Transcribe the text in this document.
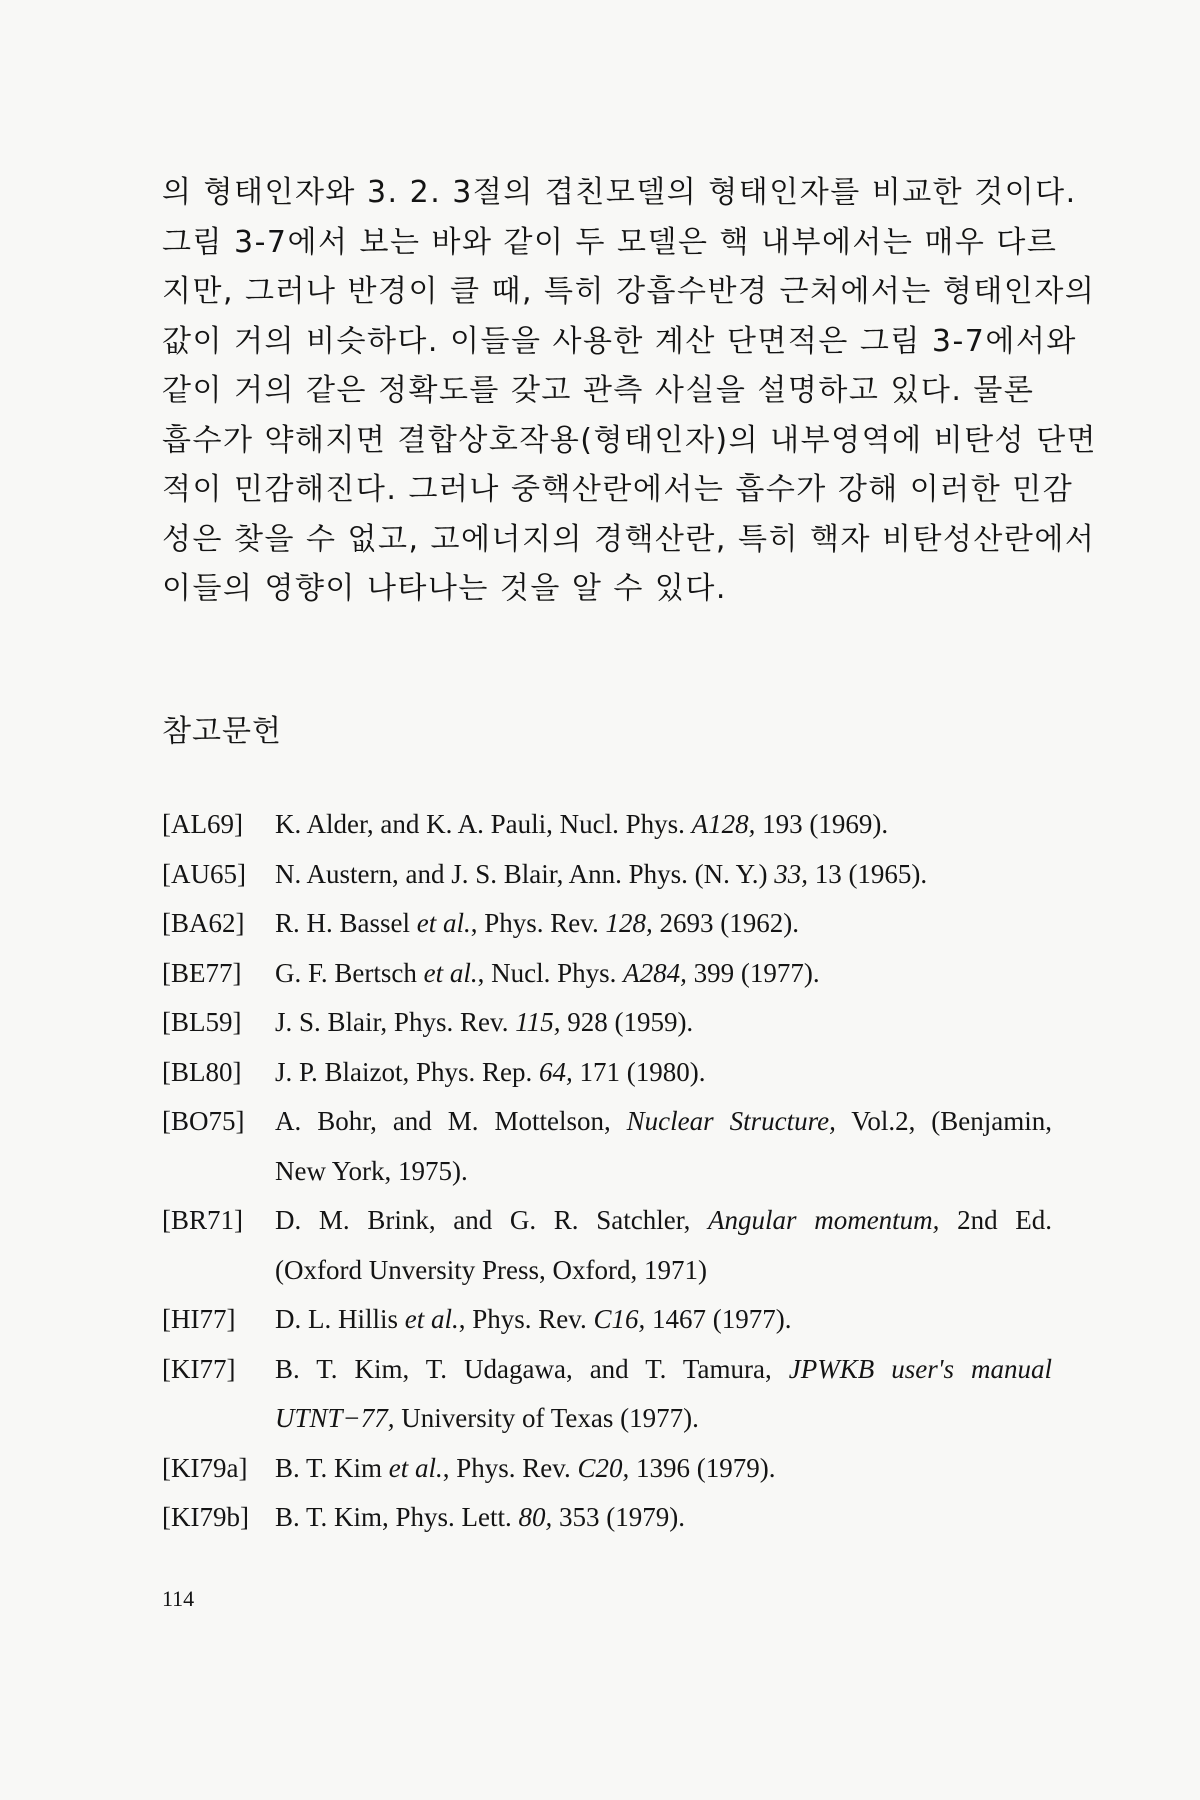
의 형태인자와 3. 2. 3절의 겹친모델의 형태인자를 비교한 것이다.
그림 3-7에서 보는 바와 같이 두 모델은 핵 내부에서는 매우 다르
지만, 그러나 반경이 클 때, 특히 강흡수반경 근처에서는 형태인자의
값이 거의 비슷하다. 이들을 사용한 계산 단면적은 그림 3-7에서와
같이 거의 같은 정확도를 갖고 관측 사실을 설명하고 있다. 물론
흡수가 약해지면 결합상호작용(형태인자)의 내부영역에 비탄성 단면
적이 민감해진다. 그러나 중핵산란에서는 흡수가 강해 이러한 민감
성은 찾을 수 없고, 고에너지의 경핵산란, 특히 핵자 비탄성산란에서
이들의 영향이 나타나는 것을 알 수 있다.
참고문헌
[AL69]	K. Alder, and K. A. Pauli, Nucl. Phys. A128, 193 (1969).
[AU65]	N. Austern, and J. S. Blair, Ann. Phys. (N. Y.) 33, 13 (1965).
[BA62]	R. H. Bassel et al., Phys. Rev. 128, 2693 (1962).
[BE77]	G. F. Bertsch et al., Nucl. Phys. A284, 399 (1977).
[BL59]	J. S. Blair, Phys. Rev. 115, 928 (1959).
[BL80]	J. P. Blaizot, Phys. Rep. 64, 171 (1980).
[BO75]	A. Bohr, and M. Mottelson, Nuclear Structure, Vol.2, (Benjamin,
New York, 1975).
[BR71]	D. M. Brink, and G. R. Satchler, Angular momentum, 2nd Ed.
(Oxford Unversity Press, Oxford, 1971)
[HI77]	D. L. Hillis et al., Phys. Rev. C16, 1467 (1977).
[KI77]	B. T. Kim, T. Udagawa, and T. Tamura, JPWKB user's manual
UTNT−77, University of Texas (1977).
[KI79a]	B. T. Kim et al., Phys. Rev. C20, 1396 (1979).
[KI79b] B. T. Kim, Phys. Lett. 80, 353 (1979).
114
